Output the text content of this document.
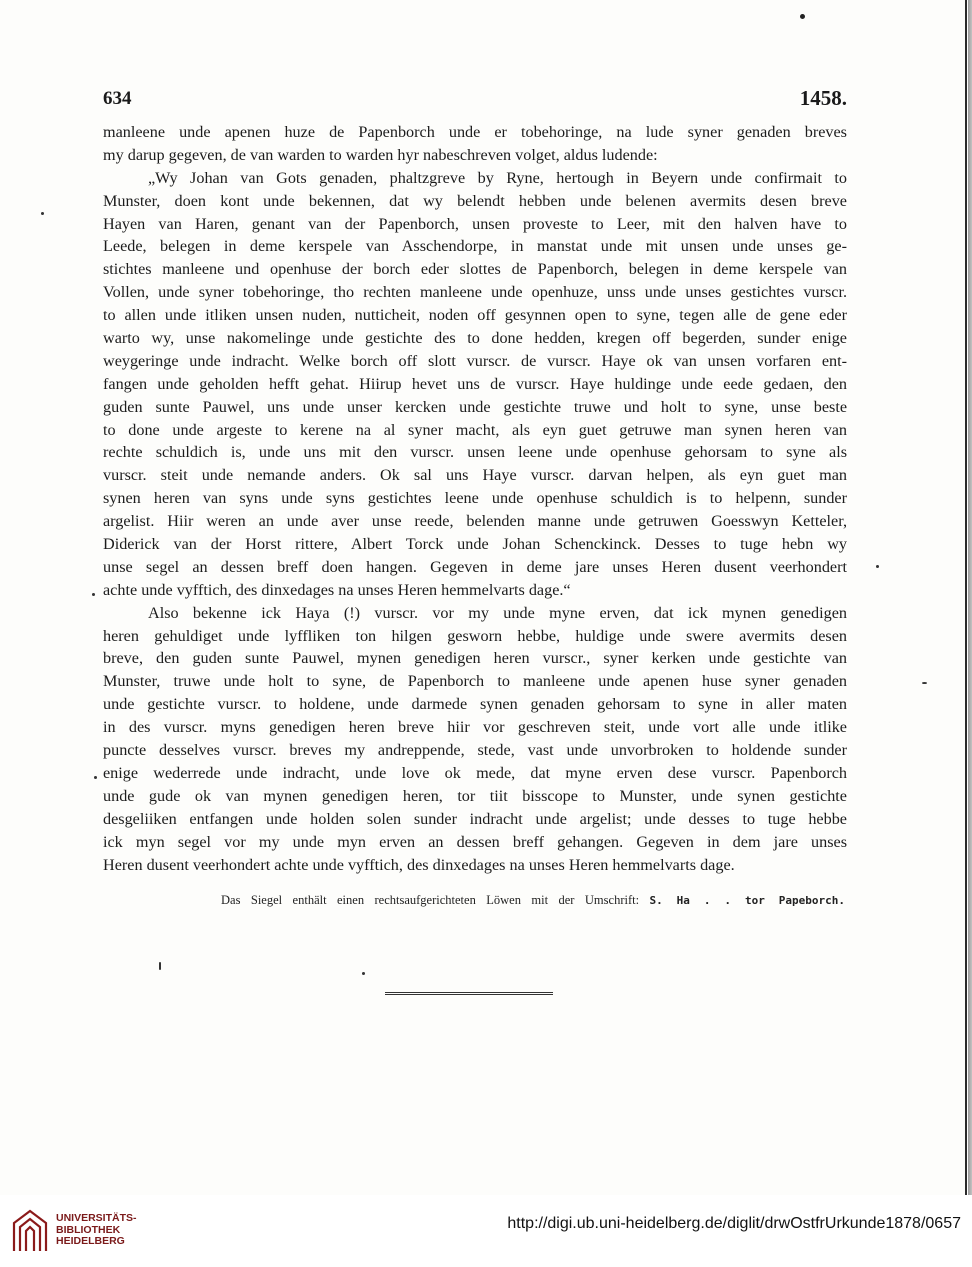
634	1458.
manleene unde apenen huze de Papenborch unde er tobehoringe, na lude syner genaden breves
my darup gegeven, de van warden to warden hyr nabeschreven volget, aldus ludende:
„Wy Johan van Gots genaden, phaltzgreve by Ryne, hertough in Beyern unde confirmait to
Munster, doen kont unde bekennen, dat wy belendt hebben unde belenen avermits desen breve
Hayen van Haren, genant van der Papenborch, unsen proveste to Leer, mit den halven have to
Leede, belegen in deme kerspele van Asschendorpe, in manstat unde mit unsen unde unses ge-
stichtes manleene und openhuse der borch eder slottes de Papenborch, belegen in deme kerspele van
Vollen, unde syner tobehoringe, tho rechten manleene unde openhuze, unss unde unses gestichtes vurscr.
to allen unde itliken unsen nuden, nutticheit, noden off gesynnen open to syne, tegen alle de gene eder
warto wy, unse nakomelinge unde gestichte des to done hedden, kregen off begerden, sunder enige
weygeringe unde indracht. Welke borch off slott vurscr. de vurscr. Haye ok van unsen vorfaren ent-
fangen unde geholden hefft gehat. Hiirup hevet uns de vurscr. Haye huldinge unde eede gedaen, den
guden sunte Pauwel, uns unde unser kercken unde gestichte truwe und holt to syne, unse beste
to done unde argeste to kerene na al syner macht, als eyn guet getruwe man synen heren van
rechte schuldich is, unde uns mit den vurscr. unsen leene unde openhuse gehorsam to syne als
vurscr. steit unde nemande anders. Ok sal uns Haye vurscr. darvan helpen, als eyn guet man
synen heren van syns unde syns gestichtes leene unde openhuse schuldich is to helpenn, sunder
argelist. Hiir weren an unde aver unse reede, belenden manne unde getruwen Goesswyn Ketteler,
Diderick van der Horst rittere, Albert Torck unde Johan Schenckinck. Desses to tuge hebn wy
unse segel an dessen breff doen hangen. Gegeven in deme jare unses Heren dusent veerhondert
achte unde vyfftich, des dinxedages na unses Heren hemmelvarts dage.“
Also bekenne ick Haya (!) vurscr. vor my unde myne erven, dat ick mynen genedigen
heren gehuldiget unde lyffliken ton hilgen gesworn hebbe, huldige unde swere avermits desen
breve, den guden sunte Pauwel, mynen genedigen heren vurscr., syner kerken unde gestichte van
Munster, truwe unde holt to syne, de Papenborch to manleene unde apenen huse syner genaden
unde gestichte vurscr. to holdene, unde darmede synen genaden gehorsam to syne in aller maten
in des vurscr. myns genedigen heren breve hiir vor geschreven steit, unde vort alle unde itlike
puncte desselves vurscr. breves my andreppende, stede, vast unde unvorbroken to holdende sunder
enige wederrede unde indracht, unde love ok mede, dat myne erven dese vurscr. Papenborch
unde gude ok van mynen genedigen heren, tor tiit bisscope to Munster, unde synen gestichte
desgeliiken entfangen unde holden solen sunder indracht unde argelist; unde desses to tuge hebbe
ick myn segel vor my unde myn erven an dessen breff gehangen. Gegeven in dem jare unses
Heren dusent veerhondert achte unde vyfftich, des dinxedages na unses Heren hemmelvarts dage.
Das Siegel enthält einen rechtsaufgerichteten Löwen mit der Umschrift: S. Ha . . tor Papeborch.
UNIVERSITÄTS-
BIBLIOTHEK
HEIDELBERG
http://digi.ub.uni-heidelberg.de/diglit/drwOstfrUrkunde1878/0657
